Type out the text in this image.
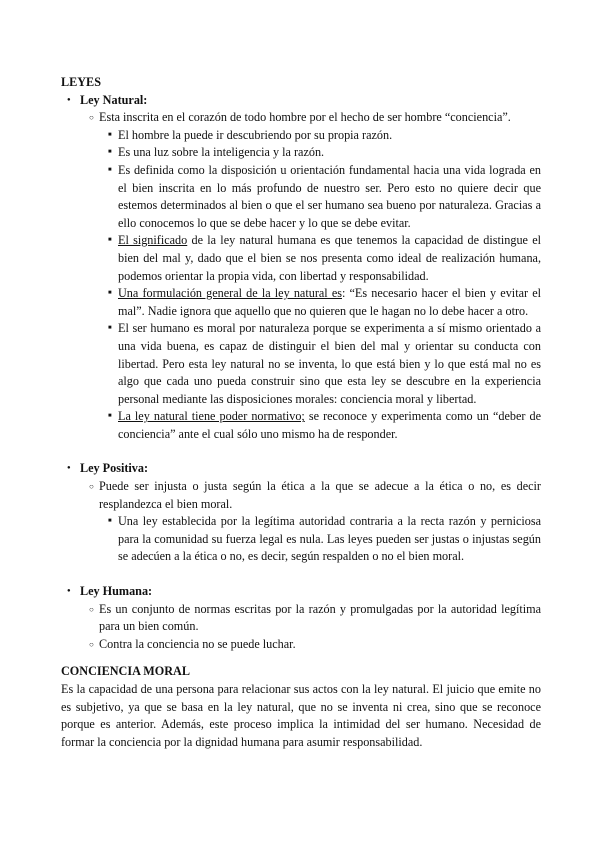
LEYES
● Ley Natural:
○ Esta inscrita en el corazón de todo hombre por el hecho de ser hombre “conciencia”.
■ El hombre la puede ir descubriendo por su propia razón.
■ Es una luz sobre la inteligencia y la razón.
■ Es definida como la disposición u orientación fundamental hacia una vida lograda en el bien inscrita en lo más profundo de nuestro ser. Pero esto no quiere decir que estemos determinados al bien o que el ser humano sea bueno por naturaleza. Gracias a ello conocemos lo que se debe hacer y lo que se debe evitar.
■ El significado de la ley natural humana es que tenemos la capacidad de distingue el bien del mal y, dado que el bien se nos presenta como ideal de realización humana, podemos orientar la propia vida, con libertad y responsabilidad.
■ Una formulación general de la ley natural es: “Es necesario hacer el bien y evitar el mal”. Nadie ignora que aquello que no quieren que le hagan no lo debe hacer a otro.
■ El ser humano es moral por naturaleza porque se experimenta a sí mismo orientado a una vida buena, es capaz de distinguir el bien del mal y orientar su conducta con libertad. Pero esta ley natural no se inventa, lo que está bien y lo que está mal no es algo que cada uno pueda construir sino que esta ley se descubre en la experiencia personal mediante las disposiciones morales: conciencia moral y libertad.
■ La ley natural tiene poder normativo; se reconoce y experimenta como un “deber de conciencia” ante el cual sólo uno mismo ha de responder.
● Ley Positiva:
○ Puede ser injusta o justa según la ética a la que se adecue a la ética o no, es decir resplandezca el bien moral.
■ Una ley establecida por la legítima autoridad contraria a la recta razón y perniciosa para la comunidad su fuerza legal es nula. Las leyes pueden ser justas o injustas según se adecúen a la ética o no, es decir, según respalden o no el bien moral.
● Ley Humana:
○ Es un conjunto de normas escritas por la razón y promulgadas por la autoridad legítima para un bien común.
○ Contra la conciencia no se puede luchar.
CONCIENCIA MORAL

Es la capacidad de una persona para relacionar sus actos con la ley natural. El juicio que emite no es subjetivo, ya que se basa en la ley natural, que no se inventa ni crea, sino que se reconoce porque es anterior. Además, este proceso implica la intimidad del ser humano. Necesidad de formar la conciencia por la dignidad humana para asumir responsabilidad.
